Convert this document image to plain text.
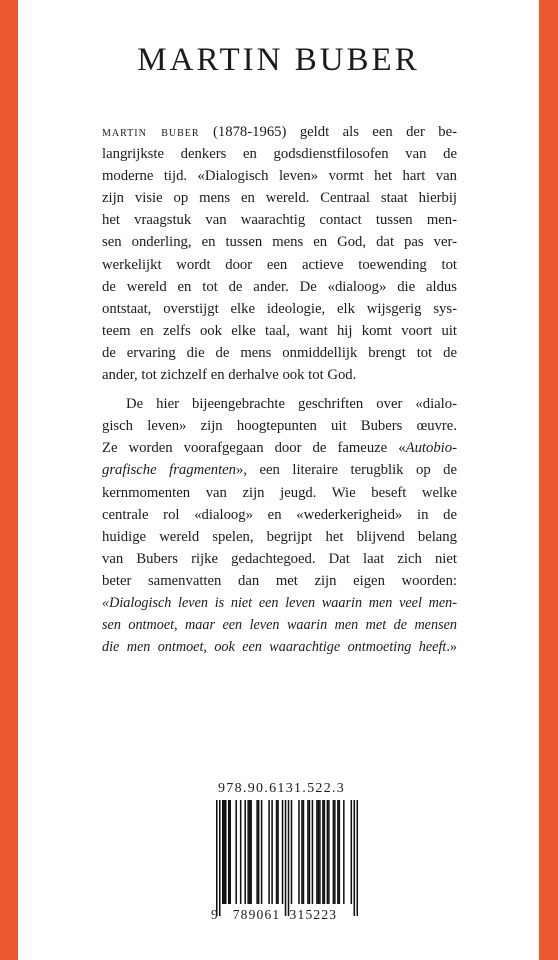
MARTIN BUBER

martin buber (1878-1965) geldt als een der be-
langrijkste denkers en godsdienstfilosofen van de
moderne tijd. «Dialogisch leven» vormt het hart van
zijn visie op mens en wereld. Centraal staat hierbij
het vraagstuk van waarachtig contact tussen men-
sen onderling, en tussen mens en God, dat pas ver-
werkelijkt wordt door een actieve toewending tot
de wereld en tot de ander. De «dialoog» die aldus
ontstaat, overstijgt elke ideologie, elk wijsgerig sys-
teem en zelfs ook elke taal, want hij komt voort uit
de ervaring die de mens onmiddellijk brengt tot de
ander, tot zichzelf en derhalve ook tot God.

De hier bijeengebrachte geschriften over «dialo-
gisch leven» zijn hoogtepunten uit Bubers œuvre.
Ze worden voorafgegaan door de fameuze «Autobio-
grafische fragmenten», een literaire terugblik op de
kernmomenten van zijn jeugd. Wie beseft welke
centrale rol «dialoog» en «wederkerigheid» in de
huidige wereld spelen, begrijpt het blijvend belang
van Bubers rijke gedachtegoed. Dat laat zich niet
beter samenvatten dan met zijn eigen woorden:
«Dialogisch leven is niet een leven waarin men veel men-
sen ontmoet, maar een leven waarin men met de mensen
die men ontmoet, ook een waarachtige ontmoeting heeft.»

978.90.6131.522.3
9 789061 315223
